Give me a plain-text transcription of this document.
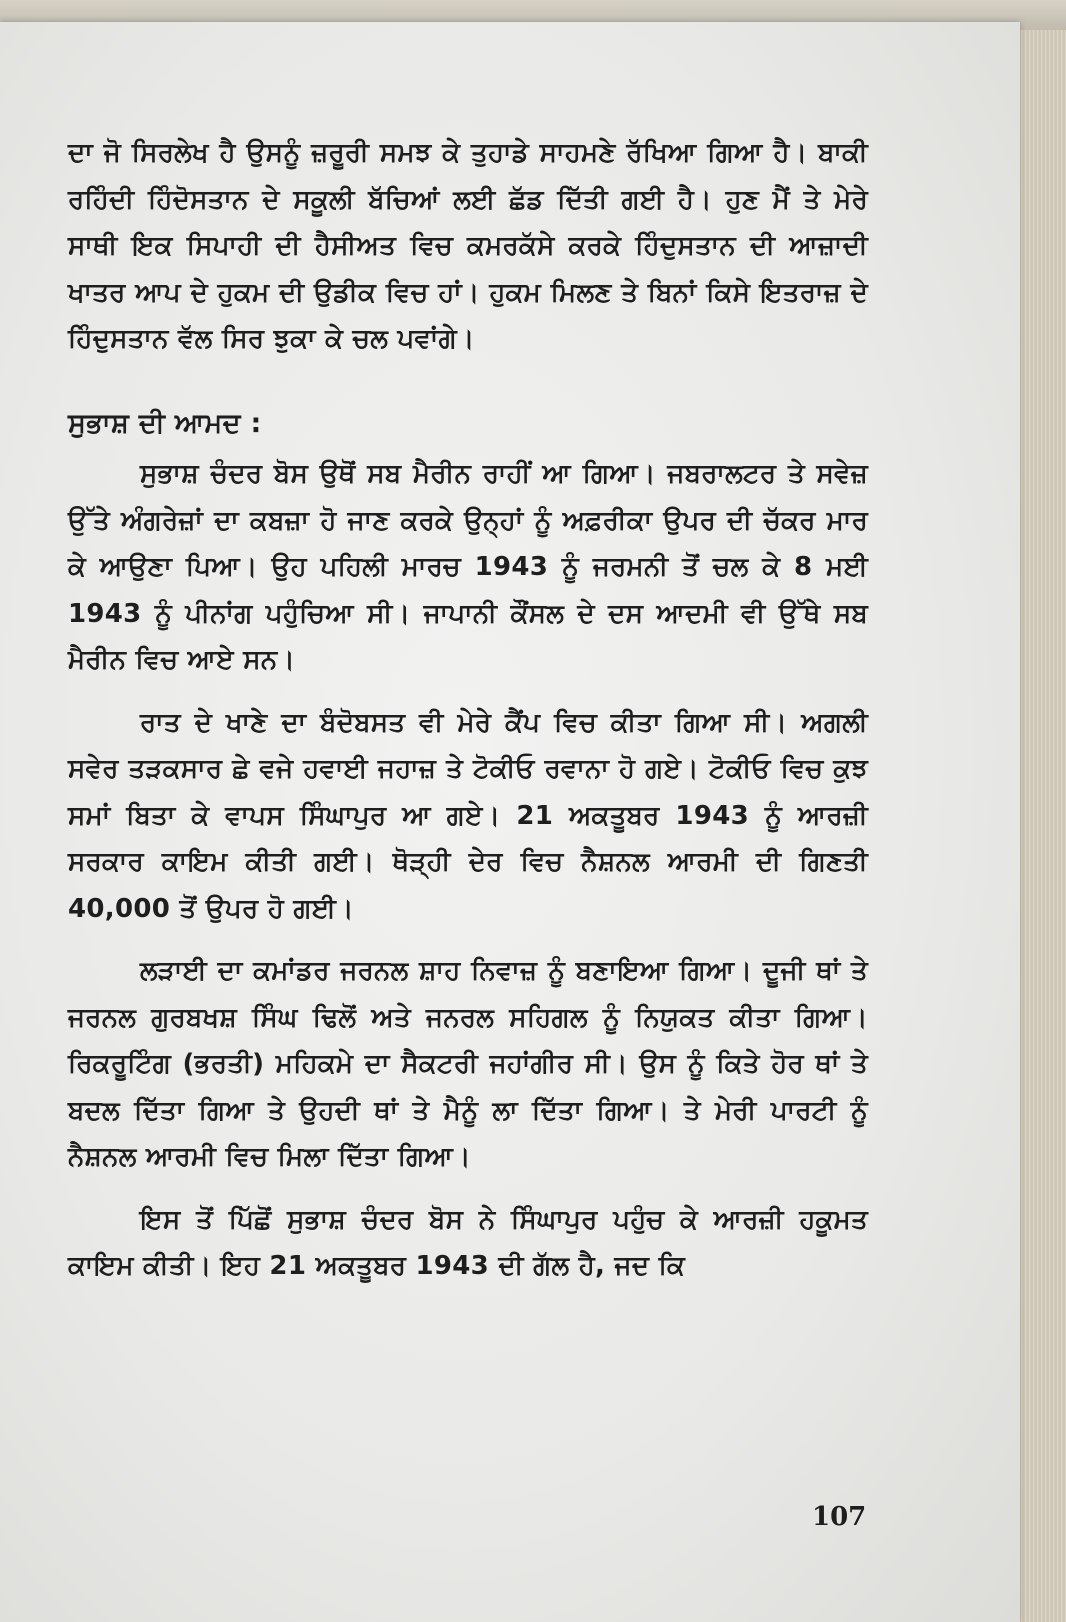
ਦਾ ਜੋ ਸਿਰਲੇਖ ਹੈ ਉਸਨੂੰ ਜ਼ਰੂਰੀ ਸਮਝ ਕੇ ਤੁਹਾਡੇ ਸਾਹਮਣੇ ਰੱਖਿਆ ਗਿਆ ਹੈ। ਬਾਕੀ ਰਹਿੰਦੀ ਹਿੰਦੋਸਤਾਨ ਦੇ ਸਕੂਲੀ ਬੱਚਿਆਂ ਲਈ ਛੱਡ ਦਿੱਤੀ ਗਈ ਹੈ। ਹੁਣ ਮੈਂ ਤੇ ਮੇਰੇ ਸਾਥੀ ਇਕ ਸਿਪਾਹੀ ਦੀ ਹੈਸੀਅਤ ਵਿਚ ਕਮਰਕੱਸੇ ਕਰਕੇ ਹਿੰਦੁਸਤਾਨ ਦੀ ਆਜ਼ਾਦੀ ਖਾਤਰ ਆਪ ਦੇ ਹੁਕਮ ਦੀ ਉਡੀਕ ਵਿਚ ਹਾਂ। ਹੁਕਮ ਮਿਲਣ ਤੇ ਬਿਨਾਂ ਕਿਸੇ ਇਤਰਾਜ਼ ਦੇ ਹਿੰਦੁਸਤਾਨ ਵੱਲ ਸਿਰ ਝੁਕਾ ਕੇ ਚਲ ਪਵਾਂਗੇ।

ਸੁਭਾਸ਼ ਦੀ ਆਮਦ :

ਸੁਭਾਸ਼ ਚੰਦਰ ਬੋਸ ਉਥੋਂ ਸਬ ਮੈਰੀਨ ਰਾਹੀਂ ਆ ਗਿਆ। ਜਬਰਾਲਟਰ ਤੇ ਸਵੇਜ਼ ਉੱਤੇ ਅੰਗਰੇਜ਼ਾਂ ਦਾ ਕਬਜ਼ਾ ਹੋ ਜਾਣ ਕਰਕੇ ਉਨ੍ਹਾਂ ਨੂੰ ਅਫ਼ਰੀਕਾ ਉਪਰ ਦੀ ਚੱਕਰ ਮਾਰ ਕੇ ਆਉਣਾ ਪਿਆ। ਉਹ ਪਹਿਲੀ ਮਾਰਚ 1943 ਨੂੰ ਜਰਮਨੀ ਤੋਂ ਚਲ ਕੇ 8 ਮਈ 1943 ਨੂੰ ਪੀਨਾਂਗ ਪਹੁੰਚਿਆ ਸੀ। ਜਾਪਾਨੀ ਕੌਂਸਲ ਦੇ ਦਸ ਆਦਮੀ ਵੀ ਉੱਥੇ ਸਬ ਮੈਰੀਨ ਵਿਚ ਆਏ ਸਨ।

ਰਾਤ ਦੇ ਖਾਣੇ ਦਾ ਬੰਦੋਬਸਤ ਵੀ ਮੇਰੇ ਕੈਂਪ ਵਿਚ ਕੀਤਾ ਗਿਆ ਸੀ। ਅਗਲੀ ਸਵੇਰ ਤੜਕਸਾਰ ਛੇ ਵਜੇ ਹਵਾਈ ਜਹਾਜ਼ ਤੇ ਟੋਕੀਓ ਰਵਾਨਾ ਹੋ ਗਏ। ਟੋਕੀਓ ਵਿਚ ਕੁਝ ਸਮਾਂ ਬਿਤਾ ਕੇ ਵਾਪਸ ਸਿੰਘਾਪੁਰ ਆ ਗਏ। 21 ਅਕਤੂਬਰ 1943 ਨੂੰ ਆਰਜ਼ੀ ਸਰਕਾਰ ਕਾਇਮ ਕੀਤੀ ਗਈ। ਥੋੜ੍ਹੀ ਦੇਰ ਵਿਚ ਨੈਸ਼ਨਲ ਆਰਮੀ ਦੀ ਗਿਣਤੀ 40,000 ਤੋਂ ਉਪਰ ਹੋ ਗਈ।

ਲੜਾਈ ਦਾ ਕਮਾਂਡਰ ਜਰਨਲ ਸ਼ਾਹ ਨਿਵਾਜ਼ ਨੂੰ ਬਣਾਇਆ ਗਿਆ। ਦੂਜੀ ਥਾਂ ਤੇ ਜਰਨਲ ਗੁਰਬਖਸ਼ ਸਿੰਘ ਢਿਲੋਂ ਅਤੇ ਜਨਰਲ ਸਹਿਗਲ ਨੂੰ ਨਿਯੁਕਤ ਕੀਤਾ ਗਿਆ। ਰਿਕਰੂਟਿੰਗ (ਭਰਤੀ) ਮਹਿਕਮੇ ਦਾ ਸੈਕਟਰੀ ਜਹਾਂਗੀਰ ਸੀ। ਉਸ ਨੂੰ ਕਿਤੇ ਹੋਰ ਥਾਂ ਤੇ ਬਦਲ ਦਿੱਤਾ ਗਿਆ ਤੇ ਉਹਦੀ ਥਾਂ ਤੇ ਮੈਨੂੰ ਲਾ ਦਿੱਤਾ ਗਿਆ। ਤੇ ਮੇਰੀ ਪਾਰਟੀ ਨੂੰ ਨੈਸ਼ਨਲ ਆਰਮੀ ਵਿਚ ਮਿਲਾ ਦਿੱਤਾ ਗਿਆ।

ਇਸ ਤੋਂ ਪਿੱਛੋਂ ਸੁਭਾਸ਼ ਚੰਦਰ ਬੋਸ ਨੇ ਸਿੰਘਾਪੁਰ ਪਹੁੰਚ ਕੇ ਆਰਜ਼ੀ ਹਕੂਮਤ ਕਾਇਮ ਕੀਤੀ। ਇਹ 21 ਅਕਤੂਬਰ 1943 ਦੀ ਗੱਲ ਹੈ, ਜਦ ਕਿ

107
